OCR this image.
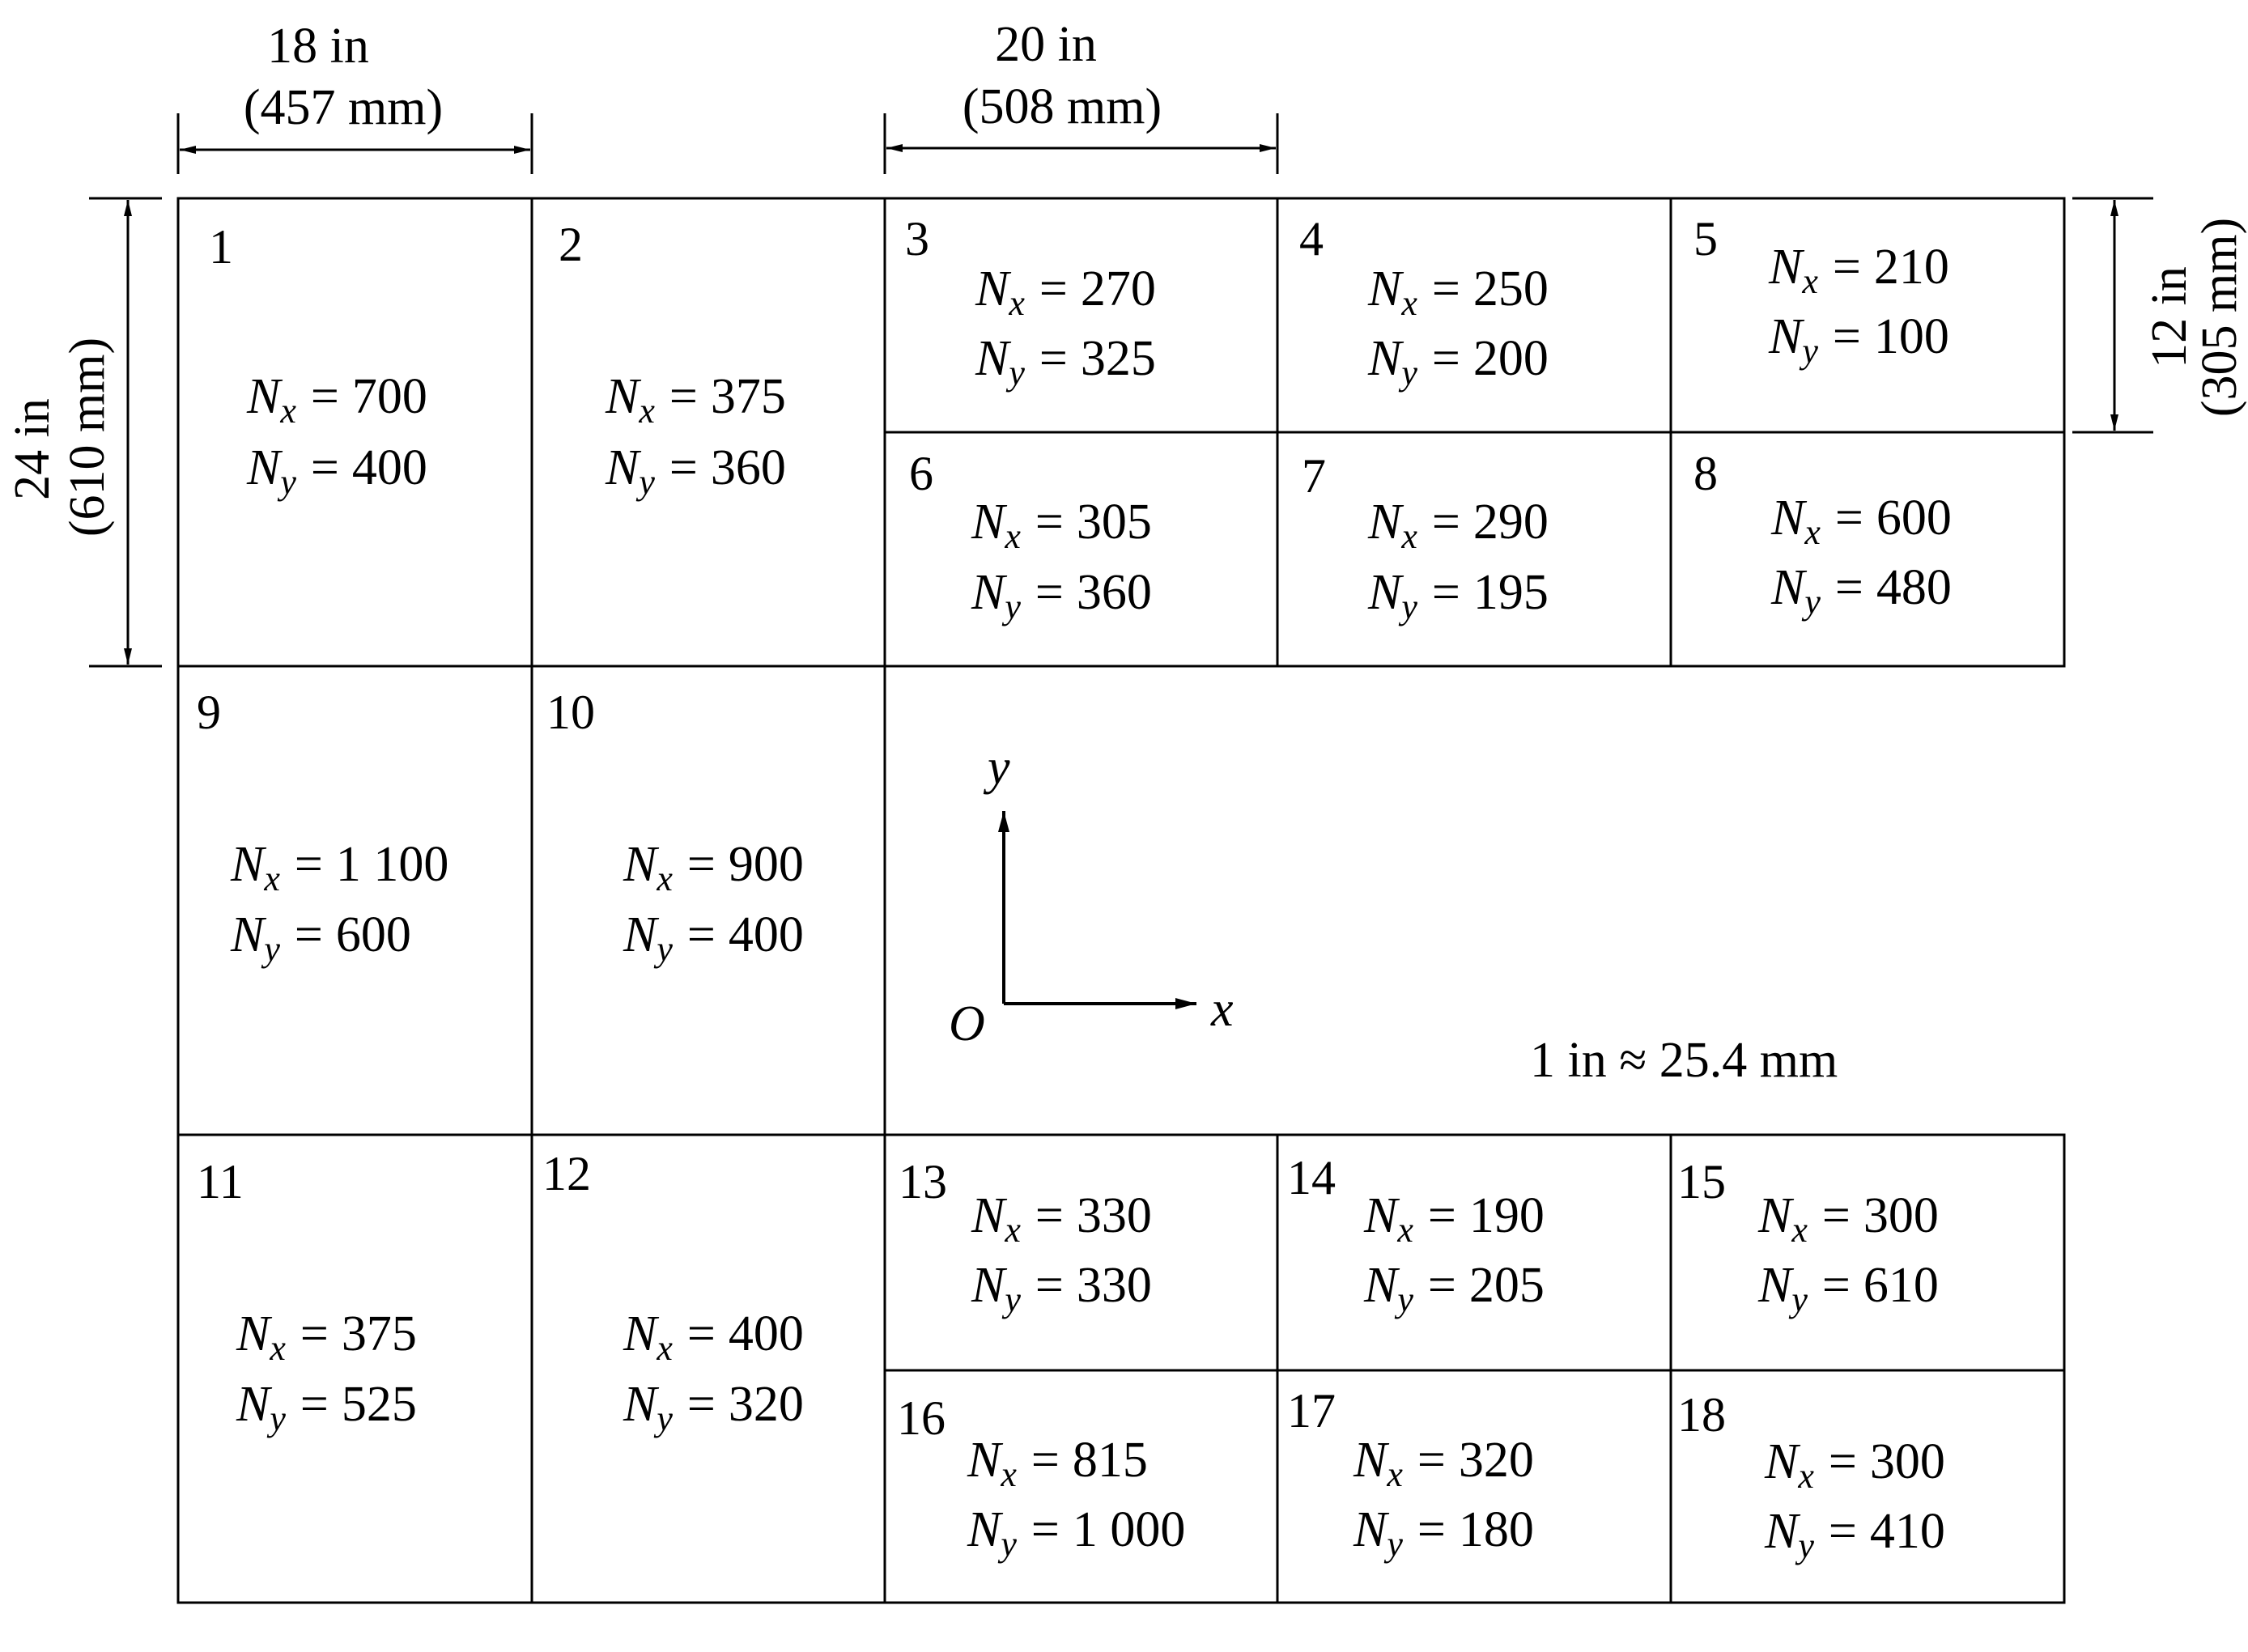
18 in
(457 mm)
20 in
(508 mm)
24 in (610 mm)
12 in
(305 mm)
y
x
O
1 in ≈ 25.4 mm
1
Nx = 700
Ny = 400
2
Nx = 375
Ny = 360
3
Nx = 270
Ny = 325
4
Nx = 250
Ny = 200
5
Nx = 210
Ny = 100
6
Nx = 305
Ny = 360
7
Nx = 290
Ny = 195
8
Nx = 600
Ny = 480
9
Nx = 1 100
Ny = 600
10
Nx = 900
Ny = 400
11
Nx = 375
Ny = 525
12
Nx = 400
Ny = 320
13
Nx = 330
Ny = 330
14
Nx = 190
Ny = 205
15
Nx = 300
Ny = 610
16
Nx = 815
Ny = 1 000
17
Nx = 320
Ny = 180
18
Nx = 300
Ny = 410
